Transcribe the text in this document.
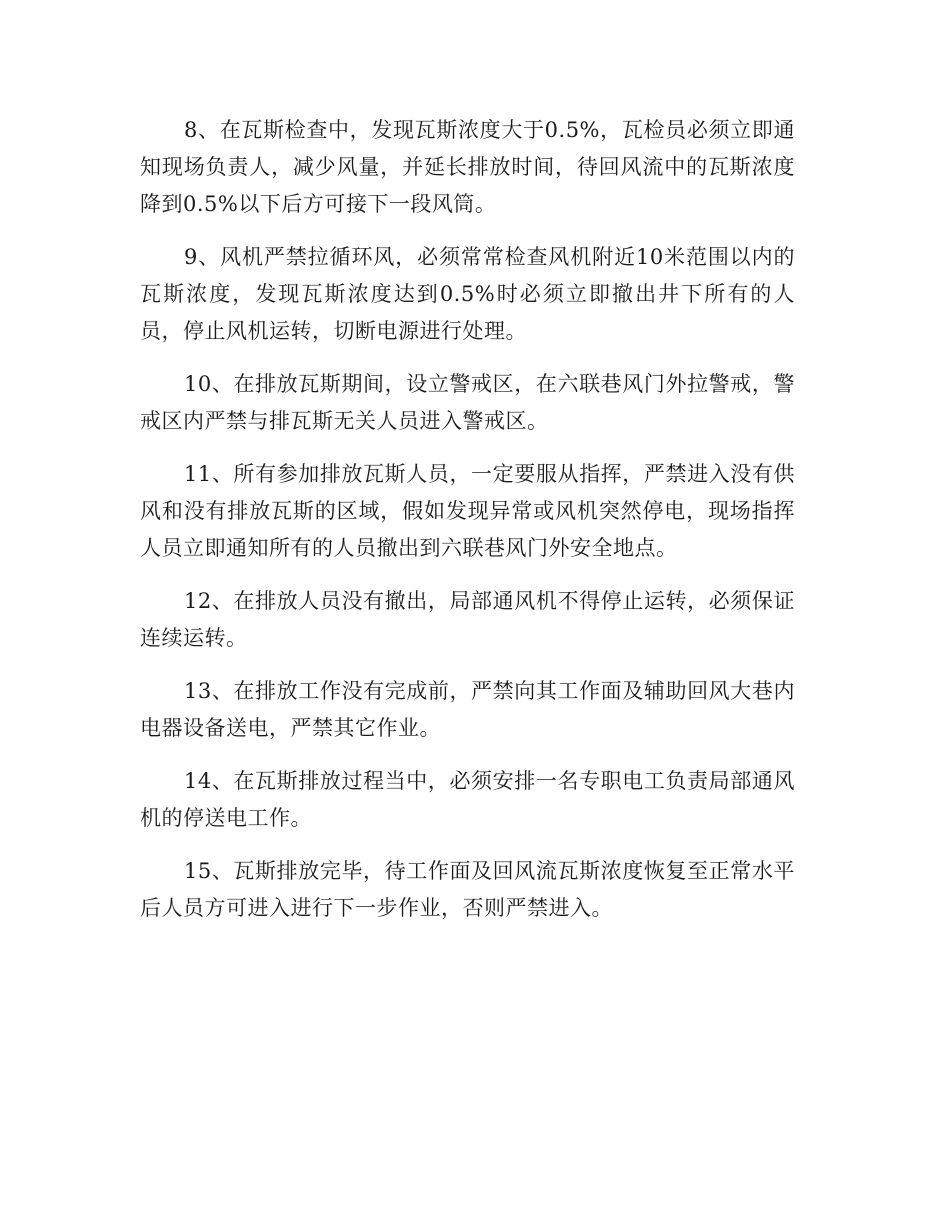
8、在瓦斯检查中，发现瓦斯浓度大于0.5%，瓦检员必须立即通知现场负责人，减少风量，并延长排放时间，待回风流中的瓦斯浓度降到0.5%以下后方可接下一段风筒。

9、风机严禁拉循环风，必须常常检查风机附近10米范围以内的瓦斯浓度，发现瓦斯浓度达到0.5%时必须立即撤出井下所有的人员，停止风机运转，切断电源进行处理。

10、在排放瓦斯期间，设立警戒区，在六联巷风门外拉警戒，警戒区内严禁与排瓦斯无关人员进入警戒区。

11、所有参加排放瓦斯人员，一定要服从指挥，严禁进入没有供风和没有排放瓦斯的区域，假如发现异常或风机突然停电，现场指挥人员立即通知所有的人员撤出到六联巷风门外安全地点。

12、在排放人员没有撤出，局部通风机不得停止运转，必须保证连续运转。

13、在排放工作没有完成前，严禁向其工作面及辅助回风大巷内电器设备送电，严禁其它作业。

14、在瓦斯排放过程当中，必须安排一名专职电工负责局部通风机的停送电工作。

15、瓦斯排放完毕，待工作面及回风流瓦斯浓度恢复至正常水平后人员方可进入进行下一步作业，否则严禁进入。
